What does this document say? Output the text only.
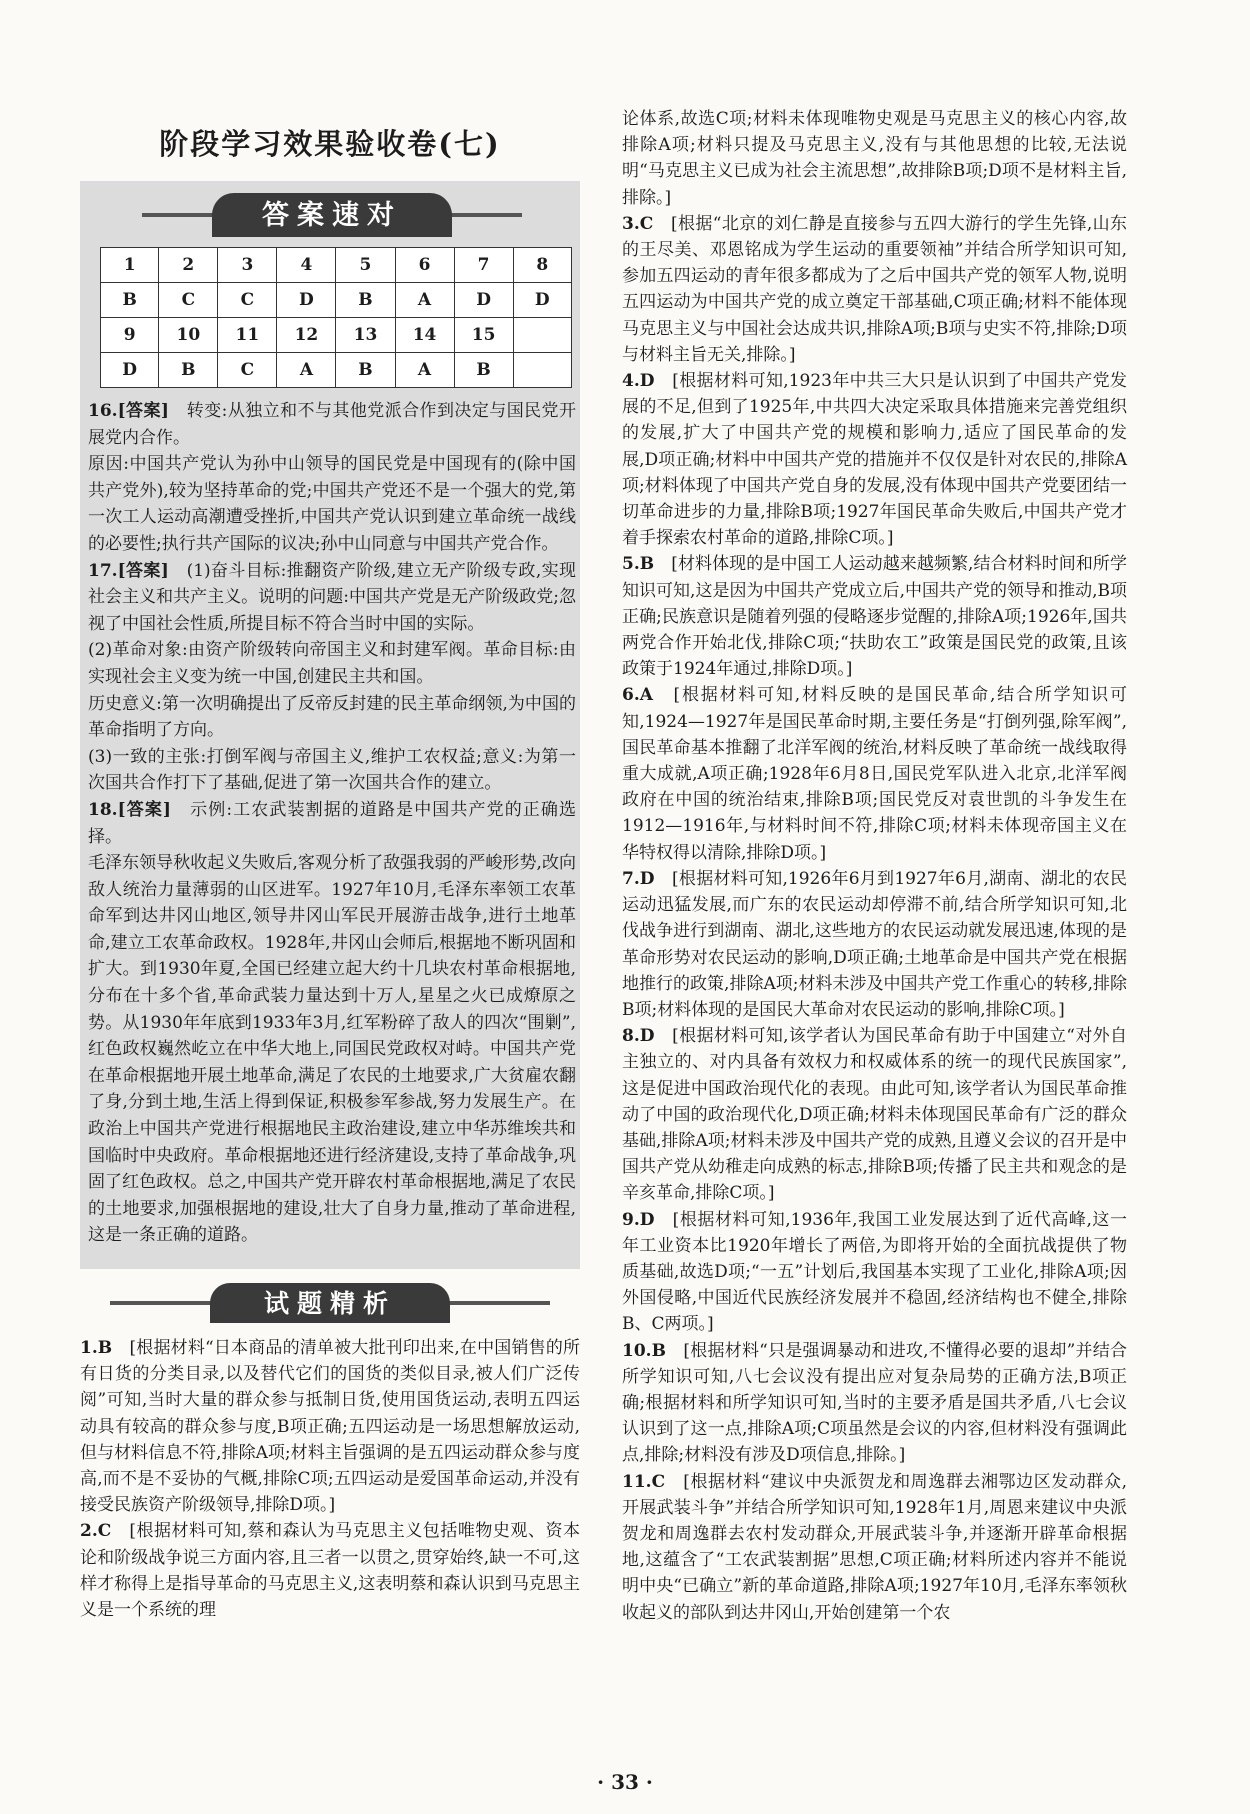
阶段学习效果验收卷(七)
答案速对
1	2	3	4	5	6	7	8
B	C	C	D	B	A	D	D
9	10	11	12	13	14	15	
D	B	C	A	B	A	B	
16.[答案]　转变:从独立和不与其他党派合作到决定与国民党开展党内合作。
原因:中国共产党认为孙中山领导的国民党是中国现有的(除中国共产党外),较为坚持革命的党;中国共产党还不是一个强大的党,第一次工人运动高潮遭受挫折,中国共产党认识到建立革命统一战线的必要性;执行共产国际的议决;孙中山同意与中国共产党合作。
17.[答案]　(1)奋斗目标:推翻资产阶级,建立无产阶级专政,实现社会主义和共产主义。说明的问题:中国共产党是无产阶级政党;忽视了中国社会性质,所提目标不符合当时中国的实际。
(2)革命对象:由资产阶级转向帝国主义和封建军阀。革命目标:由实现社会主义变为统一中国,创建民主共和国。
历史意义:第一次明确提出了反帝反封建的民主革命纲领,为中国的革命指明了方向。
(3)一致的主张:打倒军阀与帝国主义,维护工农权益;意义:为第一次国共合作打下了基础,促进了第一次国共合作的建立。
18.[答案]　示例:工农武装割据的道路是中国共产党的正确选择。
毛泽东领导秋收起义失败后,客观分析了敌强我弱的严峻形势,改向敌人统治力量薄弱的山区进军。1927年10月,毛泽东率领工农革命军到达井冈山地区,领导井冈山军民开展游击战争,进行土地革命,建立工农革命政权。1928年,井冈山会师后,根据地不断巩固和扩大。到1930年夏,全国已经建立起大约十几块农村革命根据地,分布在十多个省,革命武装力量达到十万人,星星之火已成燎原之势。从1930年年底到1933年3月,红军粉碎了敌人的四次“围剿”,红色政权巍然屹立在中华大地上,同国民党政权对峙。中国共产党在革命根据地开展土地革命,满足了农民的土地要求,广大贫雇农翻了身,分到土地,生活上得到保证,积极参军参战,努力发展生产。在政治上中国共产党进行根据地民主政治建设,建立中华苏维埃共和国临时中央政府。革命根据地还进行经济建设,支持了革命战争,巩固了红色政权。总之,中国共产党开辟农村革命根据地,满足了农民的土地要求,加强根据地的建设,壮大了自身力量,推动了革命进程,这是一条正确的道路。
试题精析
1.B　[根据材料“日本商品的清单被大批刊印出来,在中国销售的所有日货的分类目录,以及替代它们的国货的类似目录,被人们广泛传阅”可知,当时大量的群众参与抵制日货,使用国货运动,表明五四运动具有较高的群众参与度,B项正确;五四运动是一场思想解放运动,但与材料信息不符,排除A项;材料主旨强调的是五四运动群众参与度高,而不是不妥协的气概,排除C项;五四运动是爱国革命运动,并没有接受民族资产阶级领导,排除D项。]
2.C　[根据材料可知,蔡和森认为马克思主义包括唯物史观、资本论和阶级战争说三方面内容,且三者一以贯之,贯穿始终,缺一不可,这样才称得上是指导革命的马克思主义,这表明蔡和森认识到马克思主义是一个系统的理
论体系,故选C项;材料未体现唯物史观是马克思主义的核心内容,故排除A项;材料只提及马克思主义,没有与其他思想的比较,无法说明“马克思主义已成为社会主流思想”,故排除B项;D项不是材料主旨,排除。]
3.C　[根据“北京的刘仁静是直接参与五四大游行的学生先锋,山东的王尽美、邓恩铭成为学生运动的重要领袖”并结合所学知识可知,参加五四运动的青年很多都成为了之后中国共产党的领军人物,说明五四运动为中国共产党的成立奠定干部基础,C项正确;材料不能体现马克思主义与中国社会达成共识,排除A项;B项与史实不符,排除;D项与材料主旨无关,排除。]
4.D　[根据材料可知,1923年中共三大只是认识到了中国共产党发展的不足,但到了1925年,中共四大决定采取具体措施来完善党组织的发展,扩大了中国共产党的规模和影响力,适应了国民革命的发展,D项正确;材料中中国共产党的措施并不仅仅是针对农民的,排除A项;材料体现了中国共产党自身的发展,没有体现中国共产党要团结一切革命进步的力量,排除B项;1927年国民革命失败后,中国共产党才着手探索农村革命的道路,排除C项。]
5.B　[材料体现的是中国工人运动越来越频繁,结合材料时间和所学知识可知,这是因为中国共产党成立后,中国共产党的领导和推动,B项正确;民族意识是随着列强的侵略逐步觉醒的,排除A项;1926年,国共两党合作开始北伐,排除C项;“扶助农工”政策是国民党的政策,且该政策于1924年通过,排除D项。]
6.A　[根据材料可知,材料反映的是国民革命,结合所学知识可知,1924—1927年是国民革命时期,主要任务是“打倒列强,除军阀”,国民革命基本推翻了北洋军阀的统治,材料反映了革命统一战线取得重大成就,A项正确;1928年6月8日,国民党军队进入北京,北洋军阀政府在中国的统治结束,排除B项;国民党反对袁世凯的斗争发生在1912—1916年,与材料时间不符,排除C项;材料未体现帝国主义在华特权得以清除,排除D项。]
7.D　[根据材料可知,1926年6月到1927年6月,湖南、湖北的农民运动迅猛发展,而广东的农民运动却停滞不前,结合所学知识可知,北伐战争进行到湖南、湖北,这些地方的农民运动就发展迅速,体现的是革命形势对农民运动的影响,D项正确;土地革命是中国共产党在根据地推行的政策,排除A项;材料未涉及中国共产党工作重心的转移,排除B项;材料体现的是国民大革命对农民运动的影响,排除C项。]
8.D　[根据材料可知,该学者认为国民革命有助于中国建立“对外自主独立的、对内具备有效权力和权威体系的统一的现代民族国家”,这是促进中国政治现代化的表现。由此可知,该学者认为国民革命推动了中国的政治现代化,D项正确;材料未体现国民革命有广泛的群众基础,排除A项;材料未涉及中国共产党的成熟,且遵义会议的召开是中国共产党从幼稚走向成熟的标志,排除B项;传播了民主共和观念的是辛亥革命,排除C项。]
9.D　[根据材料可知,1936年,我国工业发展达到了近代高峰,这一年工业资本比1920年增长了两倍,为即将开始的全面抗战提供了物质基础,故选D项;“一五”计划后,我国基本实现了工业化,排除A项;因外国侵略,中国近代民族经济发展并不稳固,经济结构也不健全,排除B、C两项。]
10.B　[根据材料“只是强调暴动和进攻,不懂得必要的退却”并结合所学知识可知,八七会议没有提出应对复杂局势的正确方法,B项正确;根据材料和所学知识可知,当时的主要矛盾是国共矛盾,八七会议认识到了这一点,排除A项;C项虽然是会议的内容,但材料没有强调此点,排除;材料没有涉及D项信息,排除。]
11.C　[根据材料“建议中央派贺龙和周逸群去湘鄂边区发动群众,开展武装斗争”并结合所学知识可知,1928年1月,周恩来建议中央派贺龙和周逸群去农村发动群众,开展武装斗争,并逐渐开辟革命根据地,这蕴含了“工农武装割据”思想,C项正确;材料所述内容并不能说明中央“已确立”新的革命道路,排除A项;1927年10月,毛泽东率领秋收起义的部队到达井冈山,开始创建第一个农
· 33 ·
